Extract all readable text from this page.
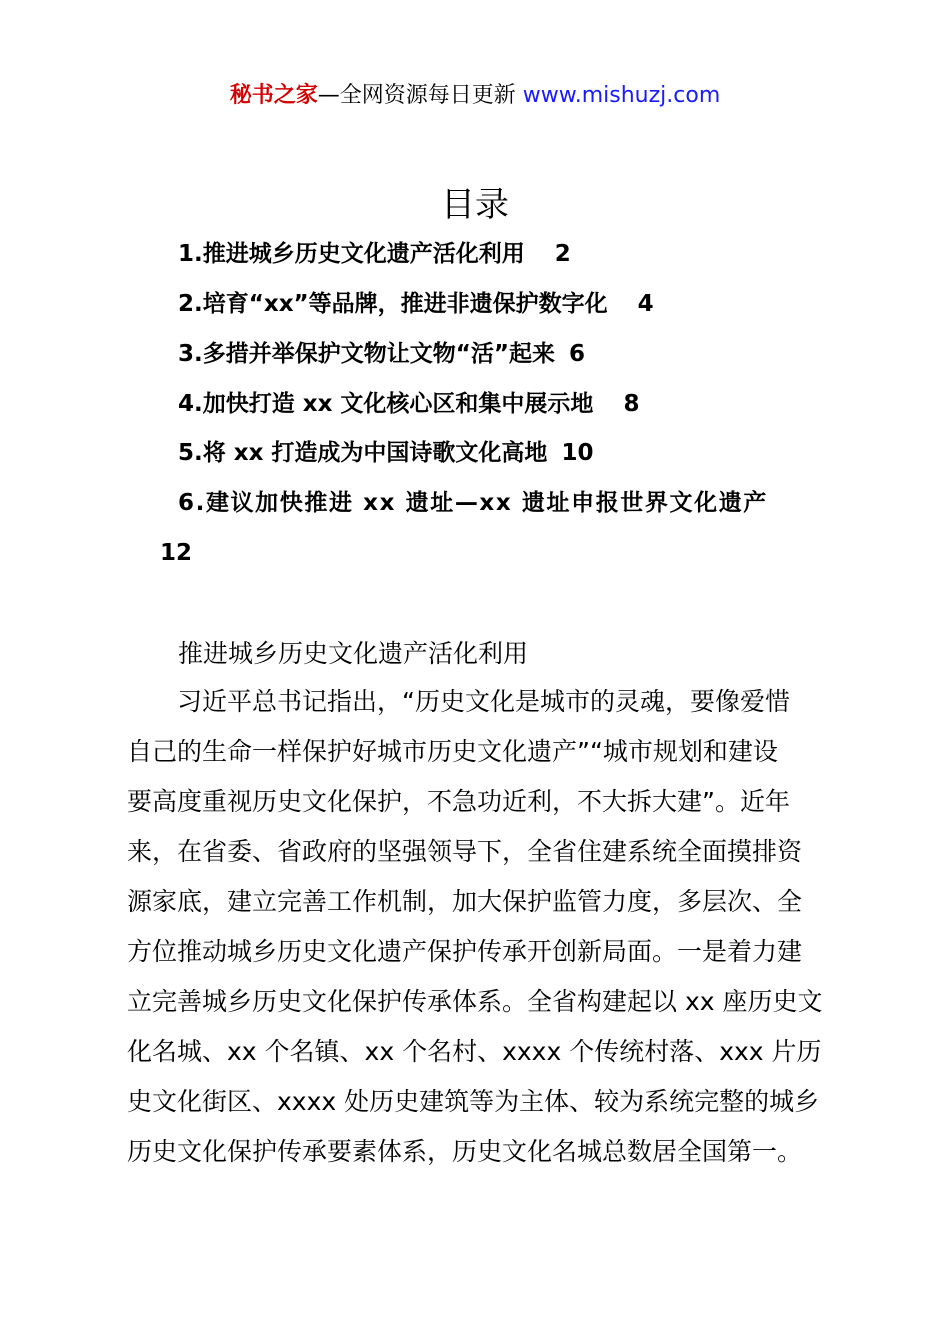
秘书之家—全网资源每日更新 www.mishuzj.com
目录
1.推进城乡历史文化遗产活化利用 2
2.培育“xx”等品牌，推进非遗保护数字化 4
3.多措并举保护文物让文物“活”起来 6
4.加快打造 xx 文化核心区和集中展示地 8
5.将 xx 打造成为中国诗歌文化高地 10
6.建议加快推进 xx 遗址—xx 遗址申报世界文化遗产
12
推进城乡历史文化遗产活化利用
　　习近平总书记指出，“历史文化是城市的灵魂，要像爱惜
自己的生命一样保护好城市历史文化遗产”“城市规划和建设
要高度重视历史文化保护，不急功近利，不大拆大建”。近年
来，在省委、省政府的坚强领导下，全省住建系统全面摸排资
源家底，建立完善工作机制，加大保护监管力度，多层次、全
方位推动城乡历史文化遗产保护传承开创新局面。一是着力建
立完善城乡历史文化保护传承体系。全省构建起以 xx 座历史文
化名城、xx 个名镇、xx 个名村、xxxx 个传统村落、xxx 片历
史文化街区、xxxx 处历史建筑等为主体、较为系统完整的城乡
历史文化保护传承要素体系，历史文化名城总数居全国第一。
